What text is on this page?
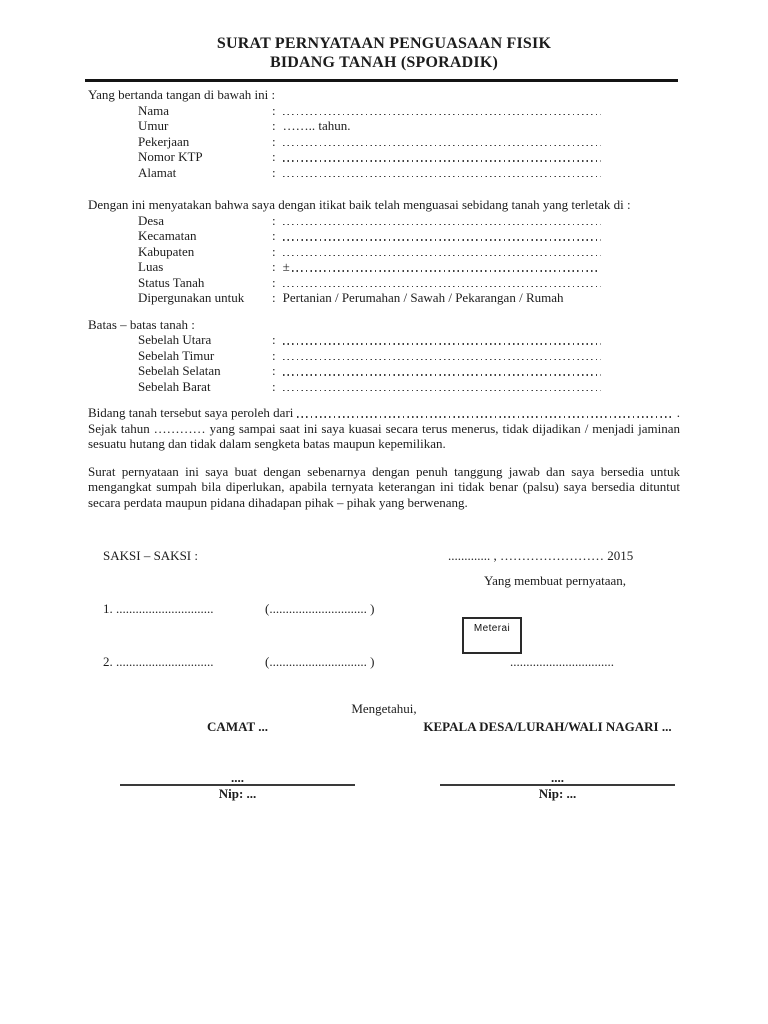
SURAT PERNYATAAN PENGUASAAN FISIK
BIDANG TANAH (SPORADIK)
Yang bertanda tangan di bawah ini :
Nama	:
Umur	: …….. tahun.
Pekerjaan	:
Nomor KTP	:
Alamat	:
Dengan ini menyatakan bahwa saya dengan itikat baik telah menguasai sebidang tanah yang terletak di :
Desa	:
Kecamatan	:
Kabupaten	:
Luas	: ±
Status Tanah	:
Dipergunakan untuk	: Pertanian / Perumahan / Sawah / Pekarangan / Rumah
Batas – batas tanah :
Sebelah Utara	:
Sebelah Timur	:
Sebelah Selatan	:
Sebelah Barat	:
Bidang tanah tersebut saya peroleh dari	.
Sejak tahun ………… yang sampai saat ini saya kuasai secara terus menerus, tidak dijadikan / menjadi jaminan sesuatu hutang dan tidak dalam sengketa batas maupun kepemilikan.
Surat pernyataan ini saya buat dengan sebenarnya dengan penuh tanggung jawab dan saya bersedia untuk mengangkat sumpah bila diperlukan, apabila ternyata keterangan ini tidak benar (palsu) saya bersedia dituntut secara perdata maupun pidana dihadapan pihak – pihak yang berwenang.
SAKSI – SAKSI :	............. , …………………… 2015
Yang membuat pernyataan,
1. ..............................	(.............................. )
Meterai
2. ..............................	(.............................. )	................................
Mengetahui,
CAMAT ...	KEPALA DESA/LURAH/WALI NAGARI ...
....
Nip: ...
....
Nip: ...
